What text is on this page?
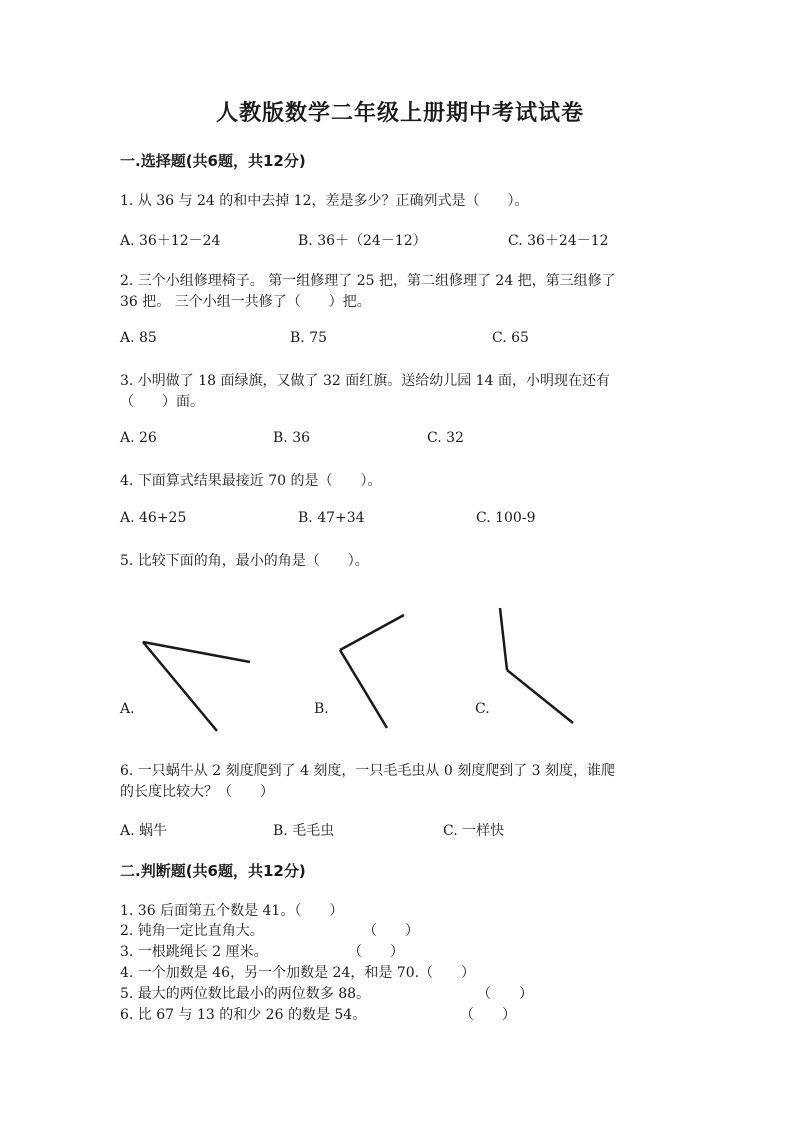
人教版数学二年级上册期中考试试卷
一.选择题(共6题，共12分)
1. 从 36 与 24 的和中去掉 12，差是多少？正确列式是（　　）。
A. 36＋12－24	B. 36＋（24－12）	C. 36＋24－12
2. 三个小组修理椅子。 第一组修理了 25 把，第二组修理了 24 把，第三组修了
36 把。 三个小组一共修了（　　）把。
A. 85	B. 75	C. 65
3. 小明做了 18 面绿旗，又做了 32 面红旗。送给幼儿园 14 面，小明现在还有
（　　）面。
A. 26	B. 36	C. 32
4. 下面算式结果最接近 70 的是（　　）。
A. 46+25	B. 47+34	C. 100-9
5. 比较下面的角，最小的角是（　　）。
A.	B.	C.
6. 一只蜗牛从 2 刻度爬到了 4 刻度，一只毛毛虫从 0 刻度爬到了 3 刻度，谁爬
的长度比较大？（　　）
A. 蜗牛	B. 毛毛虫	C. 一样快
二.判断题(共6题，共12分)
1. 36 后面第五个数是 41。（　　）
2. 钝角一定比直角大。	（　　）
3. 一根跳绳长 2 厘米。	（　　）
4. 一个加数是 46，另一个加数是 24，和是 70.（　　）
5. 最大的两位数比最小的两位数多 88。	（　　）
6. 比 67 与 13 的和少 26 的数是 54。	（　　）
